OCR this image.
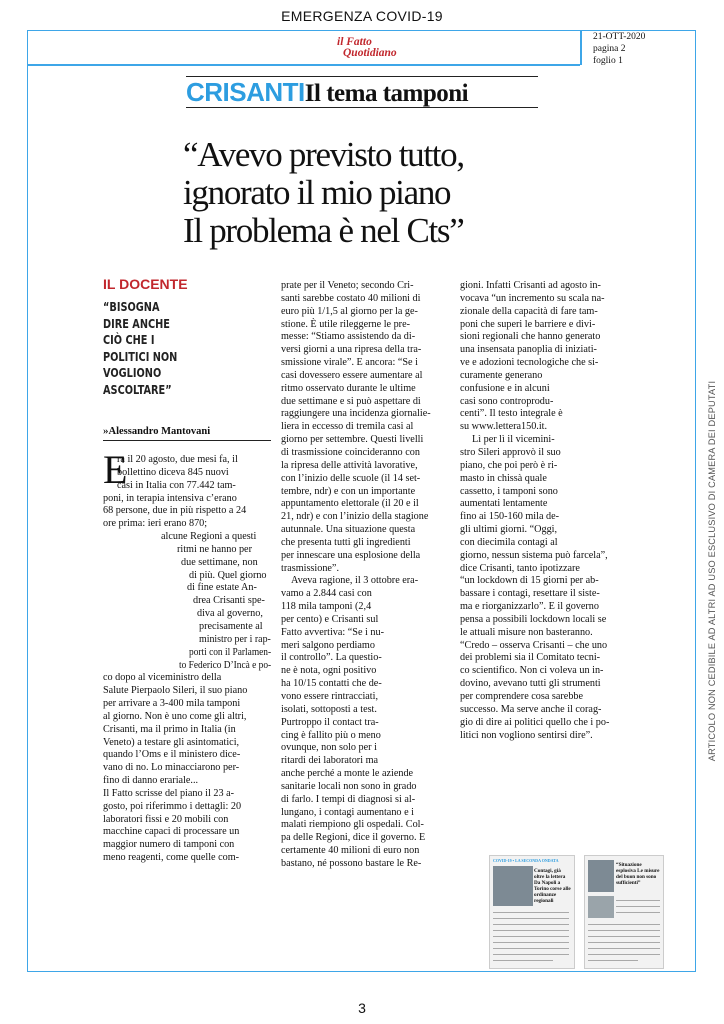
EMERGENZA COVID-19
il Fatto
Quotidiano
21-OTT-2020
pagina 2
foglio 1
CRISANTIIl tema tamponi
“Avevo previsto tutto,
ignorato il mio piano
Il problema è nel Cts”
IL DOCENTE
“BISOGNA
DIRE ANCHE
CIÒ CHE I
POLITICI NON
VOGLIONO
ASCOLTARE”
»Alessandro Mantovani
E
ra il 20 agosto, due mesi fa, il
bollettino diceva 845 nuovi
casi in Italia con 77.442 tam-
poni, in terapia intensiva c’erano
68 persone, due in più rispetto a 24
ore prima: ieri erano 870;
alcune Regioni a questi
ritmi ne hanno per
due settimane, non
di più. Quel giorno
di fine estate An-
drea Crisanti spe-
diva al governo,
precisamente al
ministro per i rap-
porti con il Parlamen-
to Federico D’Incà e po-
co dopo al viceministro della
Salute Pierpaolo Sileri, il suo piano
per arrivare a 3-400 mila tamponi
al giorno. Non è uno come gli altri,
Crisanti, ma il primo in Italia (in
Veneto) a testare gli asintomatici,
quando l’Oms e il ministero dice-
vano di no. Lo minacciarono per-
fino di danno erariale...
Il Fatto scrisse del piano il 23 a-
gosto, poi riferimmo i dettagli: 20
laboratori fissi e 20 mobili con
macchine capaci di processare un
maggior numero di tamponi con
meno reagenti, come quelle com-
prate per il Veneto; secondo Cri-
santi sarebbe costato 40 milioni di
euro più 1/1,5 al giorno per la ge-
stione. È utile rileggerne le pre-
messe: “Stiamo assistendo da di-
versi giorni a una ripresa della tra-
smissione virale”. E ancora: “Se i
casi dovessero essere aumentare al
ritmo osservato durante le ultime
due settimane e si può aspettare di
raggiungere una incidenza giornalie-
liera in eccesso di tremila casi al
giorno per settembre. Questi livelli
di trasmissione coincideranno con
la ripresa delle attività lavorative,
con l’inizio delle scuole (il 14 set-
tembre, ndr) e con un importante
appuntamento elettorale (il 20 e il
21, ndr) e con l’inizio della stagione
autunnale. Una situazione questa
che presenta tutti gli ingredienti
per innescare una esplosione della
trasmissione”.
Aveva ragione, il 3 ottobre era-
vamo a 2.844 casi con
118 mila tamponi (2,4
per cento) e Crisanti sul
Fatto avvertiva: “Se i nu-
meri salgono perdiamo
il controllo”. La questio-
ne è nota, ogni positivo
ha 10/15 contatti che de-
vono essere rintracciati,
isolati, sottoposti a test.
Purtroppo il contact tra-
cing è fallito più o meno
ovunque, non solo per i
ritardi dei laboratori ma
anche perché a monte le aziende
sanitarie locali non sono in grado
di farlo. I tempi di diagnosi si al-
lungano, i contagi aumentano e i
malati riempiono gli ospedali. Col-
pa delle Regioni, dice il governo. E
certamente 40 milioni di euro non
bastano, né possono bastare le Re-
gioni. Infatti Crisanti ad agosto in-
vocava “un incremento su scala na-
zionale della capacità di fare tam-
poni che superi le barriere e divi-
sioni regionali che hanno generato
una insensata panoplia di iniziati-
ve e adozioni tecnologiche che si-
curamente generano
confusione e in alcuni
casi sono controprodu-
centi”. Il testo integrale è
su www.lettera150.it.
Lì per lì il vicemini-
stro Sileri approvò il suo
piano, che poi però è ri-
masto in chissà quale
cassetto, i tamponi sono
aumentati lentamente
fino ai 150-160 mila de-
gli ultimi giorni. “Oggi,
con diecimila contagi al
giorno, nessun sistema può farcela”,
dice Crisanti, tanto ipotizzare
“un lockdown di 15 giorni per ab-
bassare i contagi, resettare il siste-
ma e riorganizzarlo”. E il governo
pensa a possibili lockdown locali se
le attuali misure non basteranno.
“Credo – osserva Crisanti – che uno
dei problemi sia il Comitato tecni-
co scientifico. Non ci voleva un in-
dovino, avevano tutti gli strumenti
per comprendere cosa sarebbe
successo. Ma serve anche il corag-
gio di dire ai politici quello che i po-
litici non vogliono sentirsi dire”.	ARTICOLO NON CEDIBILE AD ALTRI AD USO ESCLUSIVO DI CAMERA DEI DEPUTATI
COVID-19 • LA SECONDA ONDATA
Contagi, già oltre la lettera Da Napoli a Torino corse alle ordinanze regionali
“Situazione esplosiva Le misure del buon non sono sufficienti”
3
